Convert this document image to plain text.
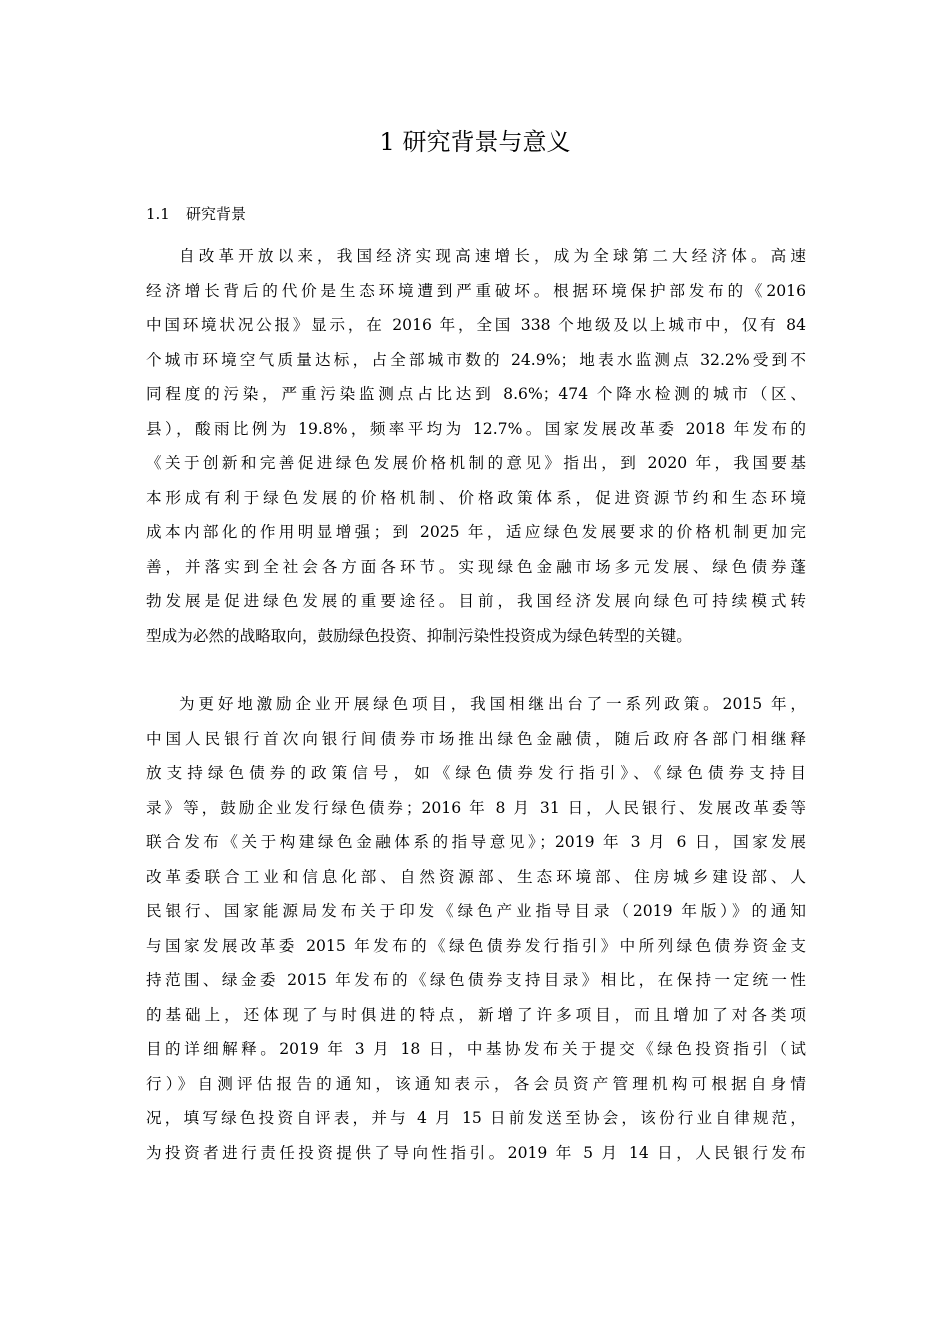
1 研究背景与意义
1.1 研究背景

自改革开放以来，我国经济实现高速增长，成为全球第二大经济体。高速
经济增长背后的代价是生态环境遭到严重破坏。根据环境保护部发布的《2016
中国环境状况公报》显示，在 2016 年，全国 338 个地级及以上城市中，仅有 84
个城市环境空气质量达标，占全部城市数的 24.9%；地表水监测点 32.2%受到不
同程度的污染，严重污染监测点占比达到 8.6%；474 个降水检测的城市（区、
县），酸雨比例为 19.8%，频率平均为 12.7%。国家发展改革委 2018 年发布的
《关于创新和完善促进绿色发展价格机制的意见》指出，到 2020 年，我国要基
本形成有利于绿色发展的价格机制、价格政策体系，促进资源节约和生态环境
成本内部化的作用明显增强；到 2025 年，适应绿色发展要求的价格机制更加完
善，并落实到全社会各方面各环节。实现绿色金融市场多元发展、绿色债券蓬
勃发展是促进绿色发展的重要途径。目前，我国经济发展向绿色可持续模式转
型成为必然的战略取向，鼓励绿色投资、抑制污染性投资成为绿色转型的关键。

为更好地激励企业开展绿色项目，我国相继出台了一系列政策。2015 年，
中国人民银行首次向银行间债券市场推出绿色金融债，随后政府各部门相继释
放支持绿色债券的政策信号，如《绿色债券发行指引》、《绿色债券支持目
录》等，鼓励企业发行绿色债券；2016 年 8 月 31 日，人民银行、发展改革委等
联合发布《关于构建绿色金融体系的指导意见》；2019 年 3 月 6 日，国家发展
改革委联合工业和信息化部、自然资源部、生态环境部、住房城乡建设部、人
民银行、国家能源局发布关于印发《绿色产业指导目录（2019 年版）》的通知
与国家发展改革委 2015 年发布的《绿色债券发行指引》中所列绿色债券资金支
持范围、绿金委 2015 年发布的《绿色债券支持目录》相比，在保持一定统一性
的基础上，还体现了与时俱进的特点，新增了许多项目，而且增加了对各类项
目的详细解释。2019 年 3 月 18 日，中基协发布关于提交《绿色投资指引（试
行）》自测评估报告的通知，该通知表示，各会员资产管理机构可根据自身情
况，填写绿色投资自评表，并与 4 月 15 日前发送至协会，该份行业自律规范，
为投资者进行责任投资提供了导向性指引。2019 年 5 月 14 日，人民银行发布
